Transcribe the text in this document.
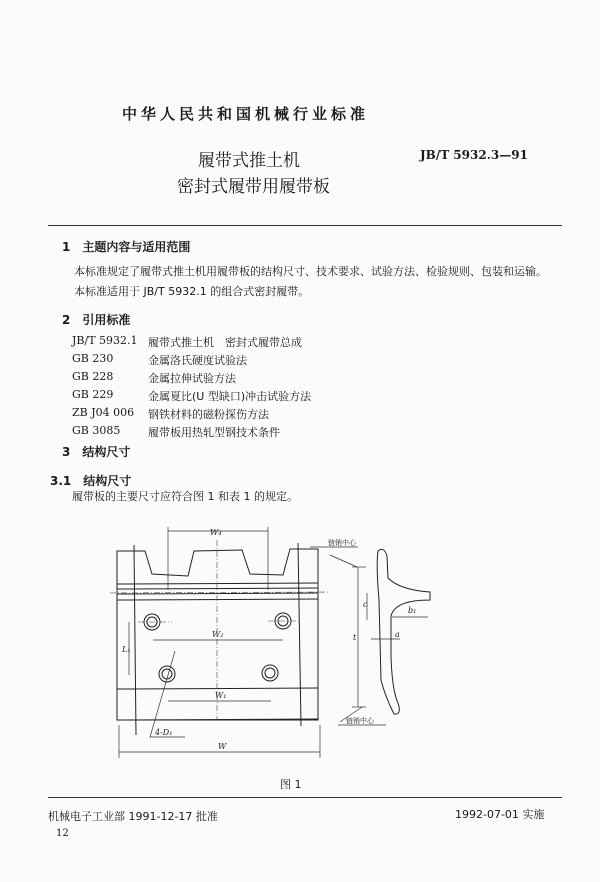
中华人民共和国机械行业标准
履带式推土机
密封式履带用履带板
JB/T 5932.3—91
1　主题内容与适用范围
本标准规定了履带式推土机用履带板的结构尺寸、技术要求、试验方法、检验规则、包装和运输。
本标准适用于 JB/T 5932.1 的组合式密封履带。
2　引用标准
JB/T 5932.1 履带式推土机　密封式履带总成
GB 230	金属洛氏硬度试验法
GB 228	金属拉伸试验方法
GB 229	金属夏比(U 型缺口)冲击试验方法
ZB J04 006 钢铁材料的磁粉探伤方法
GB 3085	履带板用热轧型钢技术条件
3　结构尺寸
3.1　结构尺寸
履带板的主要尺寸应符合图 1 和表 1 的规定。
W₄
W₂
W₁
W
L₁
4-D₁
链销中心
链销中心
t
c
b₁
a
图 1
机械电子工业部 1991-12-17 批准	1992-07-01 实施
12
